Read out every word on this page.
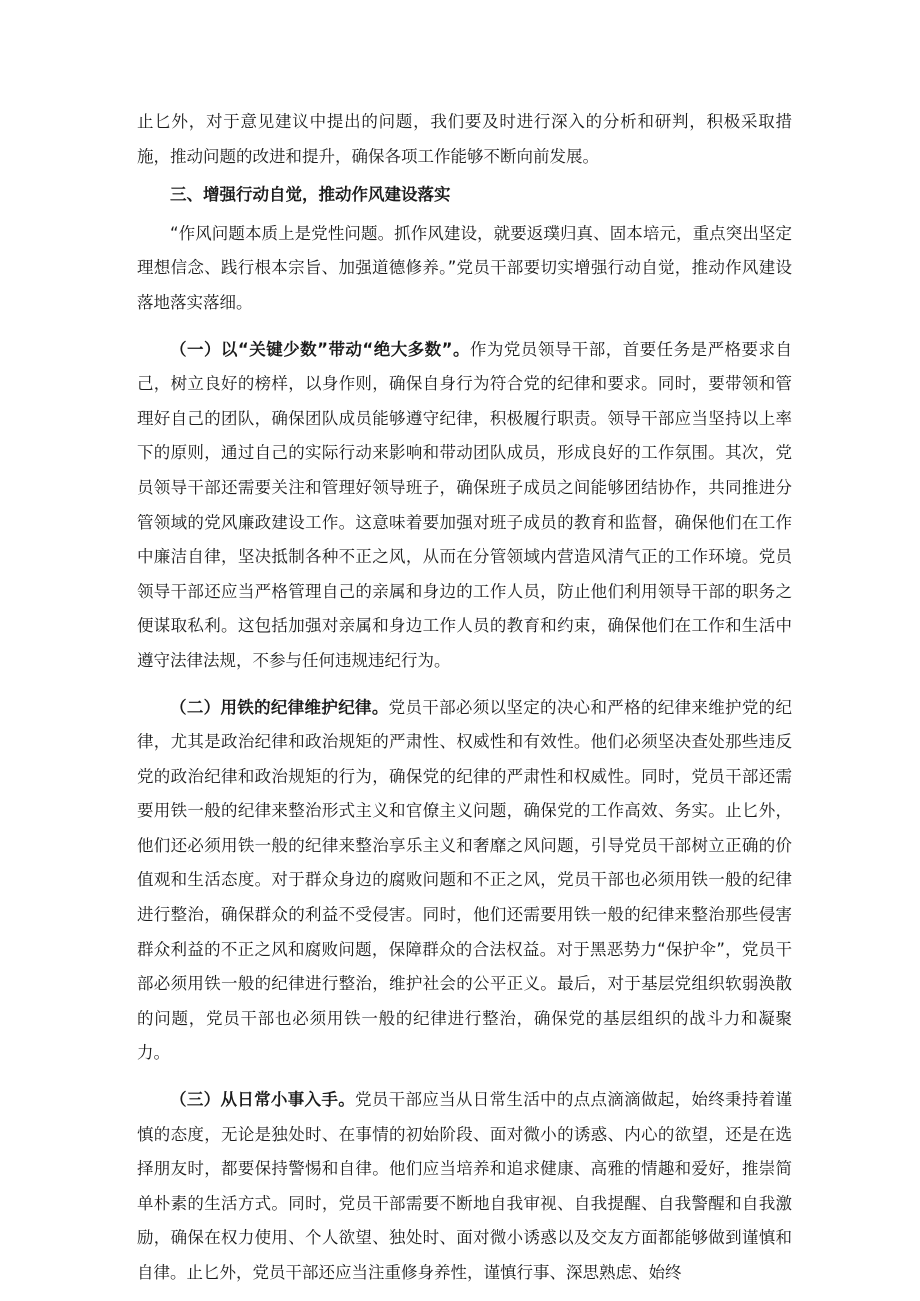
止匕外，对于意见建议中提出的问题，我们要及时进行深入的分析和研判，积极采取措施，推动问题的改进和提升，确保各项工作能够不断向前发展。

三、增强行动自觉，推动作风建设落实

“作风问题本质上是党性问题。抓作风建设，就要返璞归真、固本培元，重点突出坚定理想信念、践行根本宗旨、加强道德修养。”党员干部要切实增强行动自觉，推动作风建设落地落实落细。

（一）以“关键少数”带动“绝大多数”。作为党员领导干部，首要任务是严格要求自己，树立良好的榜样，以身作则，确保自身行为符合党的纪律和要求。同时，要带领和管理好自己的团队，确保团队成员能够遵守纪律，积极履行职责。领导干部应当坚持以上率下的原则，通过自己的实际行动来影响和带动团队成员，形成良好的工作氛围。其次，党员领导干部还需要关注和管理好领导班子，确保班子成员之间能够团结协作，共同推进分管领域的党风廉政建设工作。这意味着要加强对班子成员的教育和监督，确保他们在工作中廉洁自律，坚决抵制各种不正之风，从而在分管领域内营造风清气正的工作环境。党员领导干部还应当严格管理自己的亲属和身边的工作人员，防止他们利用领导干部的职务之便谋取私利。这包括加强对亲属和身边工作人员的教育和约束，确保他们在工作和生活中遵守法律法规，不参与任何违规违纪行为。

（二）用铁的纪律维护纪律。党员干部必须以坚定的决心和严格的纪律来维护党的纪律，尤其是政治纪律和政治规矩的严肃性、权威性和有效性。他们必须坚决查处那些违反党的政治纪律和政治规矩的行为，确保党的纪律的严肃性和权威性。同时，党员干部还需要用铁一般的纪律来整治形式主义和官僚主义问题，确保党的工作高效、务实。止匕外，他们还必须用铁一般的纪律来整治享乐主义和奢靡之风问题，引导党员干部树立正确的价值观和生活态度。对于群众身边的腐败问题和不正之风，党员干部也必须用铁一般的纪律进行整治，确保群众的利益不受侵害。同时，他们还需要用铁一般的纪律来整治那些侵害群众利益的不正之风和腐败问题，保障群众的合法权益。对于黑恶势力“保护伞”，党员干部必须用铁一般的纪律进行整治，维护社会的公平正义。最后，对于基层党组织软弱涣散的问题，党员干部也必须用铁一般的纪律进行整治，确保党的基层组织的战斗力和凝聚力。

（三）从日常小事入手。党员干部应当从日常生活中的点点滴滴做起，始终秉持着谨慎的态度，无论是独处时、在事情的初始阶段、面对微小的诱惑、内心的欲望，还是在选择朋友时，都要保持警惕和自律。他们应当培养和追求健康、高雅的情趣和爱好，推崇简单朴素的生活方式。同时，党员干部需要不断地自我审视、自我提醒、自我警醒和自我激励，确保在权力使用、个人欲望、独处时、面对微小诱惑以及交友方面都能够做到谨慎和自律。止匕外，党员干部还应当注重修身养性，谨慎行事、深思熟虑、始终
